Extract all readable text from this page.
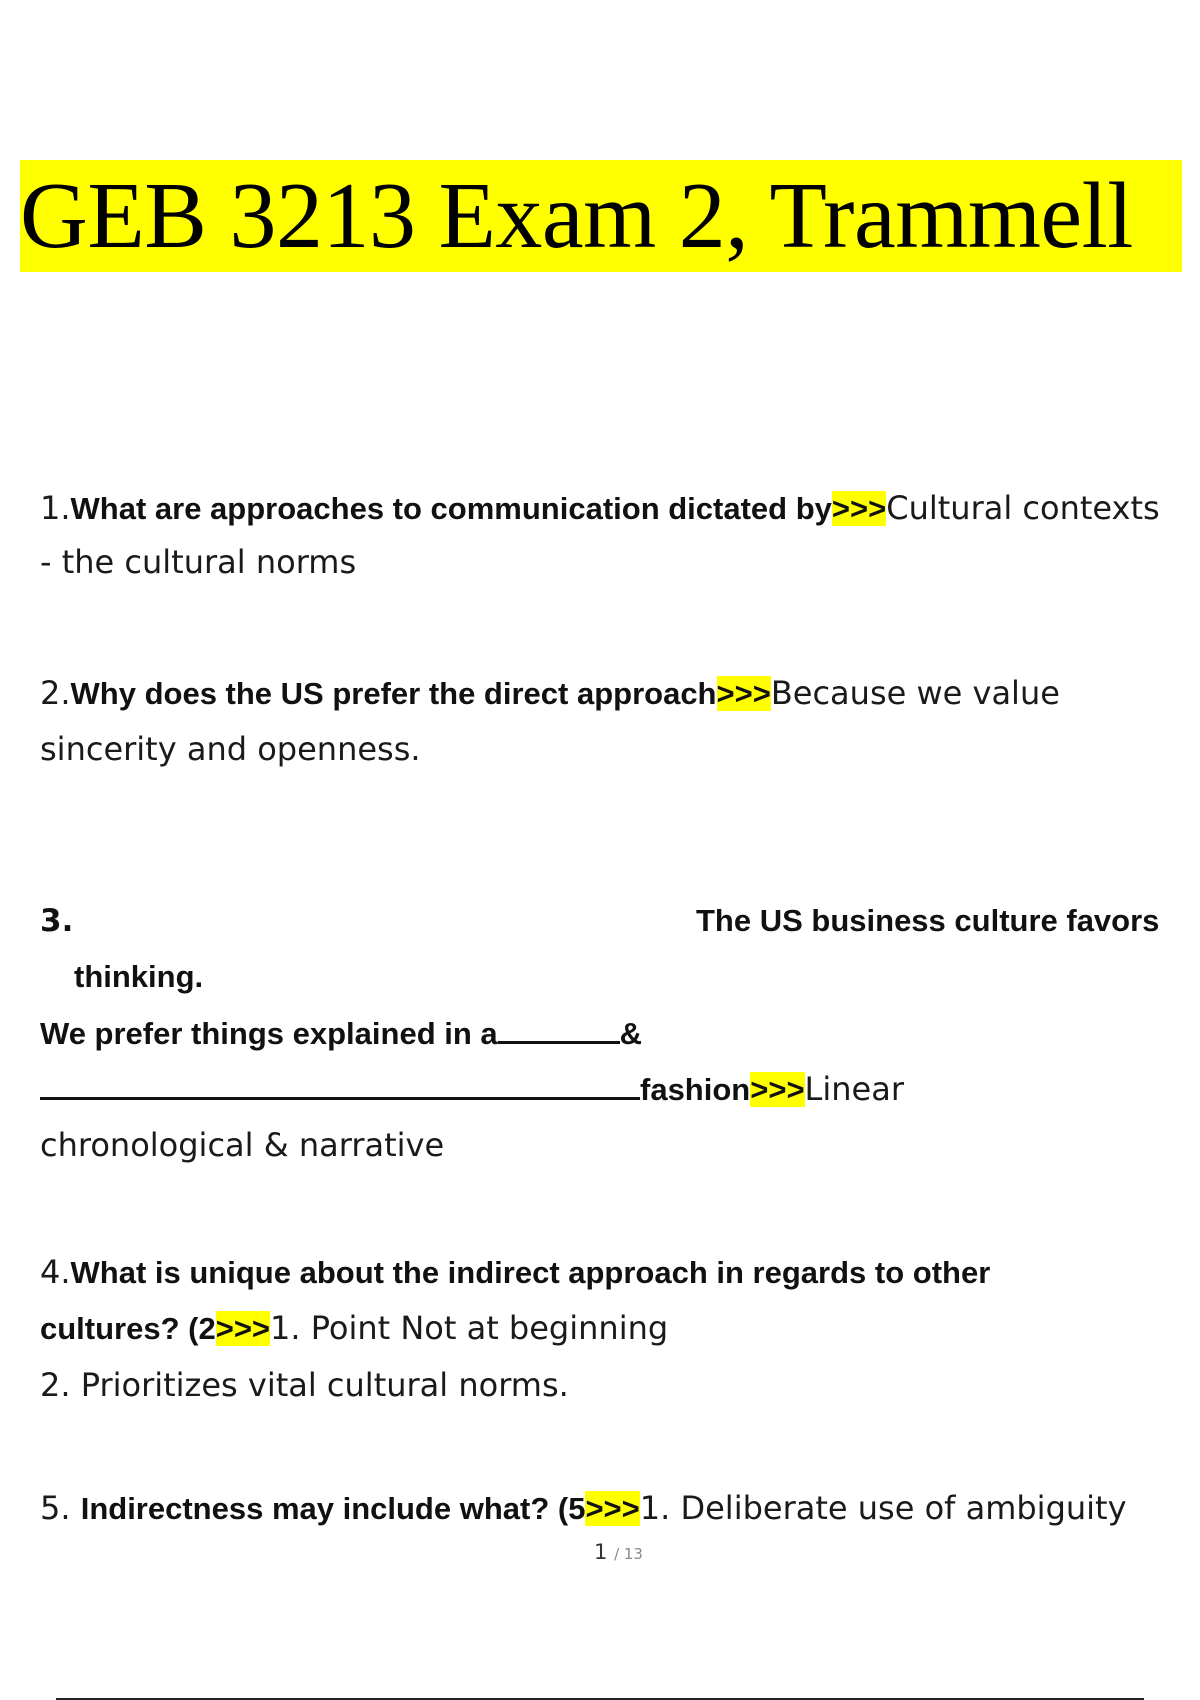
GEB 3213 Exam 2, Trammell
1.What are approaches to communication dictated by>>>Cultural contexts
- the cultural norms
2.Why does the US prefer the direct approach>>>Because we value
sincerity and openness.
3.	The US business culture favors
thinking.
We prefer things explained in a	&
fashion>>>Linear
chronological & narrative
4.What is unique about the indirect approach in regards to other
cultures? (2>>>1. Point Not at beginning
2. Prioritizes vital cultural norms.
5. Indirectness may include what? (5>>>1. Deliberate use of ambiguity
1 / 13
